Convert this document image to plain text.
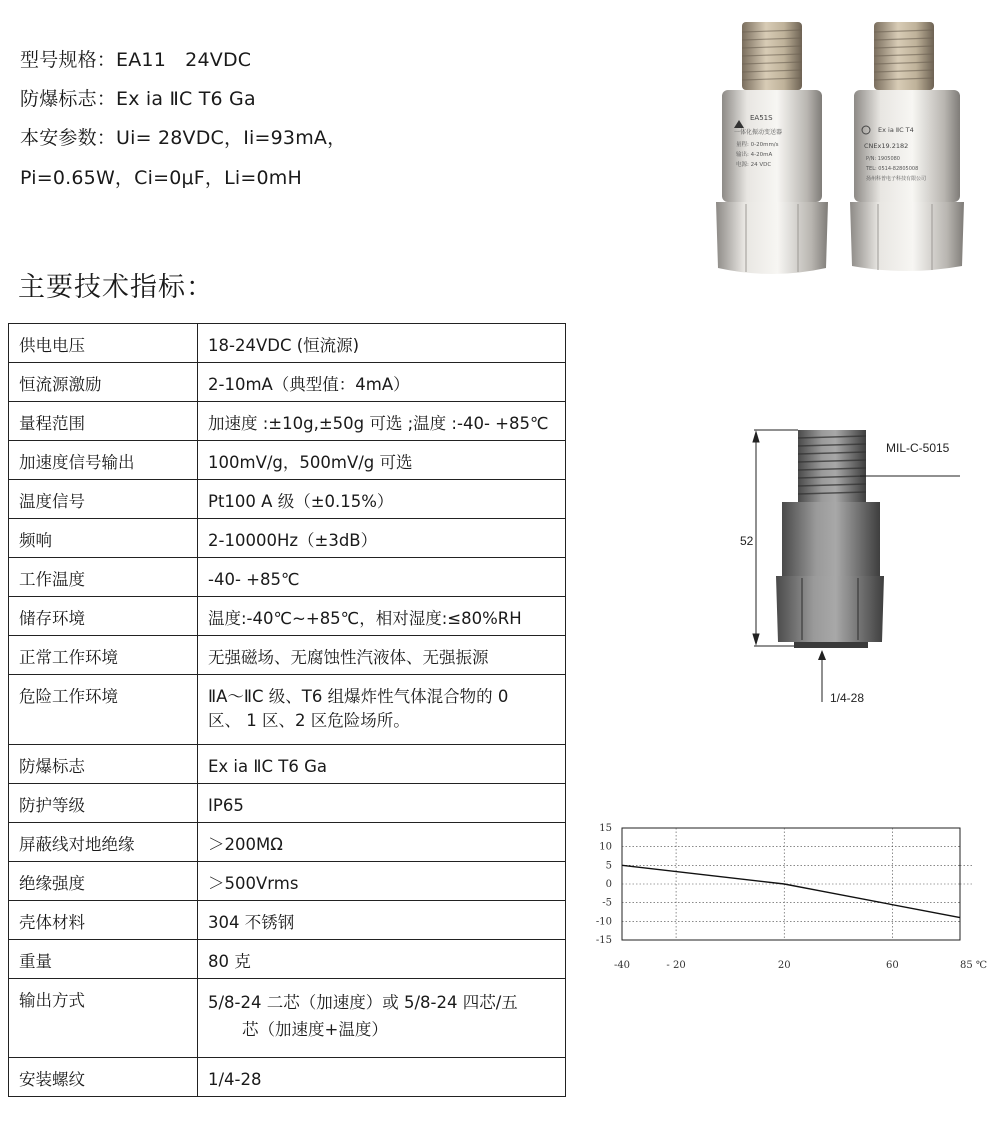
型号规格：EA11　24VDC
防爆标志：Ex ia ⅡC T6 Ga
本安参数：Ui= 28VDC，Ii=93mA，
Pi=0.65W，Ci=0μF，Li=0mH
主要技术指标：
EA51S
一体化振动变送器
量程: 0-20mm/s
输出: 4-20mA
电源: 24 VDC
Ex ia ⅡC T4
CNEx19.2182
P/N: 1905080
TEL: 0514-82805008
扬州科普电子科技有限公司
供电电压	18-24VDC (恒流源)
恒流源激励	2-10mA（典型值：4mA）
量程范围	加速度 :±10g,±50g 可选 ;温度 :-40- +85℃
加速度信号输出	100mV/g，500mV/g 可选
温度信号	Pt100 A 级（±0.15%）
频响	2-10000Hz（±3dB）
工作温度	-40- +85℃
储存环境	温度:-40℃~+85℃，相对湿度:≤80%RH
正常工作环境	无强磁场、无腐蚀性汽液体、无强振源
危险工作环境	ⅡA～ⅡC 级、T6 组爆炸性气体混合物的 0
区、 1 区、2 区危险场所。

防爆标志	Ex ia ⅡC T6 Ga
防护等级	IP65
屏蔽线对地绝缘	＞200MΩ
绝缘强度	＞500Vrms
壳体材料	304 不锈钢
重量	80 克
输出方式	5/8-24 二芯（加速度）或 5/8-24 四芯/五
芯（加速度+温度）

安装螺纹	1/4-28
52
MIL-C-5015
1/4-28
15
10
5
0
-5
-10
-15
-40	- 20	20	60	85 ℃
